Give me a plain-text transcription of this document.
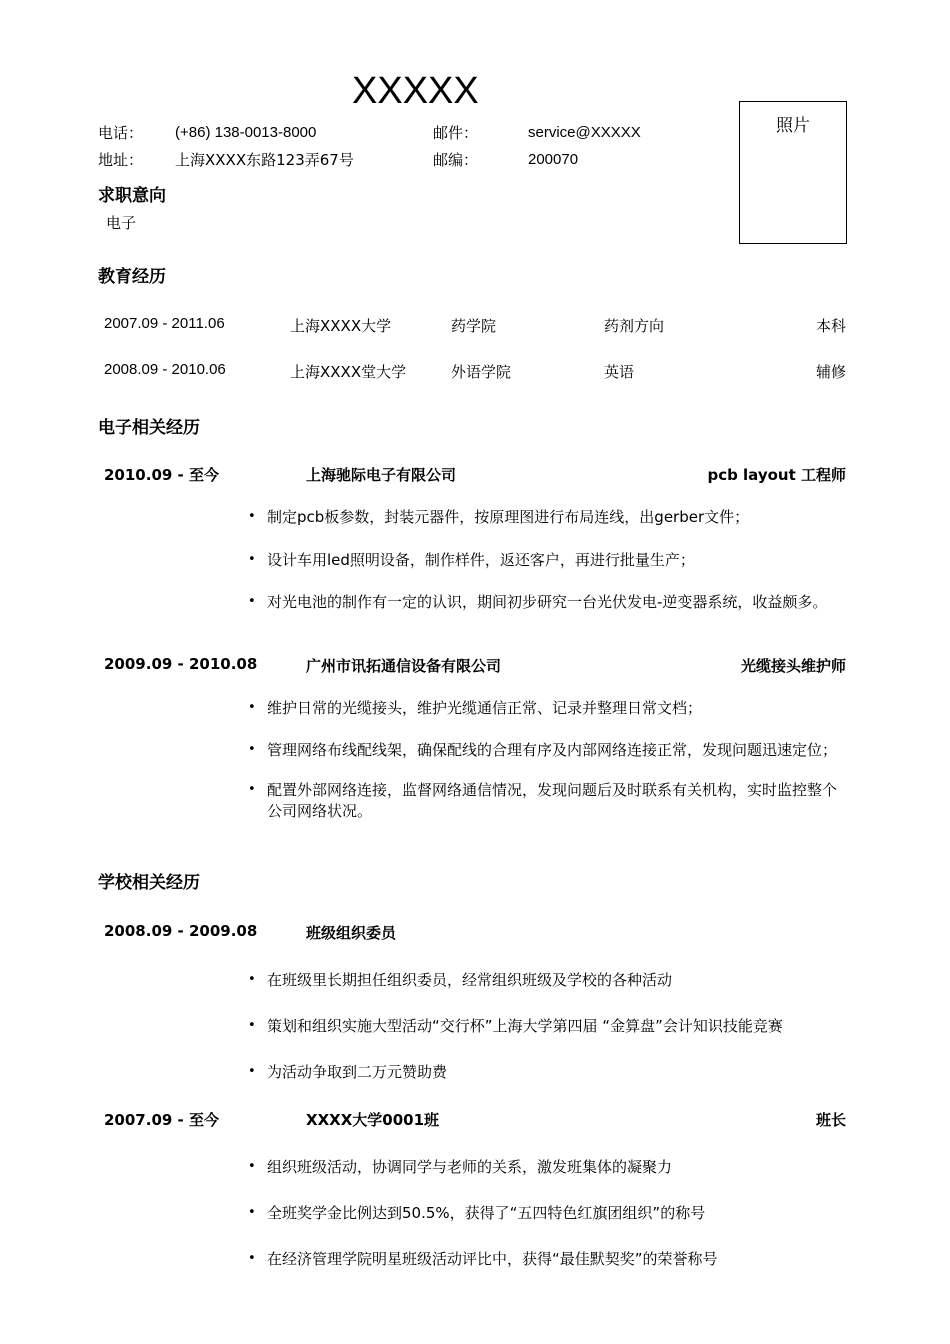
XXXXX
电话： (+86) 138-0013-8000	邮件：	service@XXXXX
地址： 上海XXXX东路123弄67号	邮编：	200070
照片
求职意向
电子
教育经历
2007.09 - 2011.06	上海XXXX大学	药学院	药剂方向	本科
2008.09 - 2010.06	上海XXXX堂大学	外语学院	英语	辅修
电子相关经历
2010.09 - 至今	上海驰际电子有限公司	pcb layout 工程师
• 制定pcb板参数，封装元器件，按原理图进行布局连线，出gerber文件；
• 设计车用led照明设备，制作样件，返还客户，再进行批量生产；
• 对光电池的制作有一定的认识，期间初步研究一台光伏发电-逆变器系统，收益颇多。
2009.09 - 2010.08	广州市讯拓通信设备有限公司	光缆接头维护师
• 维护日常的光缆接头，维护光缆通信正常、记录并整理日常文档；
• 管理网络布线配线架，确保配线的合理有序及内部网络连接正常，发现问题迅速定位；
• 配置外部网络连接，监督网络通信情况，发现问题后及时联系有关机构，实时监控整个公司网络状况。
学校相关经历
2008.09 - 2009.08	班级组织委员
• 在班级里长期担任组织委员，经常组织班级及学校的各种活动
• 策划和组织实施大型活动“交行杯”上海大学第四届 “金算盘”会计知识技能竞赛
• 为活动争取到二万元赞助费
2007.09 - 至今	XXXX大学0001班	班长
• 组织班级活动，协调同学与老师的关系，激发班集体的凝聚力
• 全班奖学金比例达到50.5%，获得了“五四特色红旗团组织”的称号
• 在经济管理学院明星班级活动评比中，获得“最佳默契奖”的荣誉称号
